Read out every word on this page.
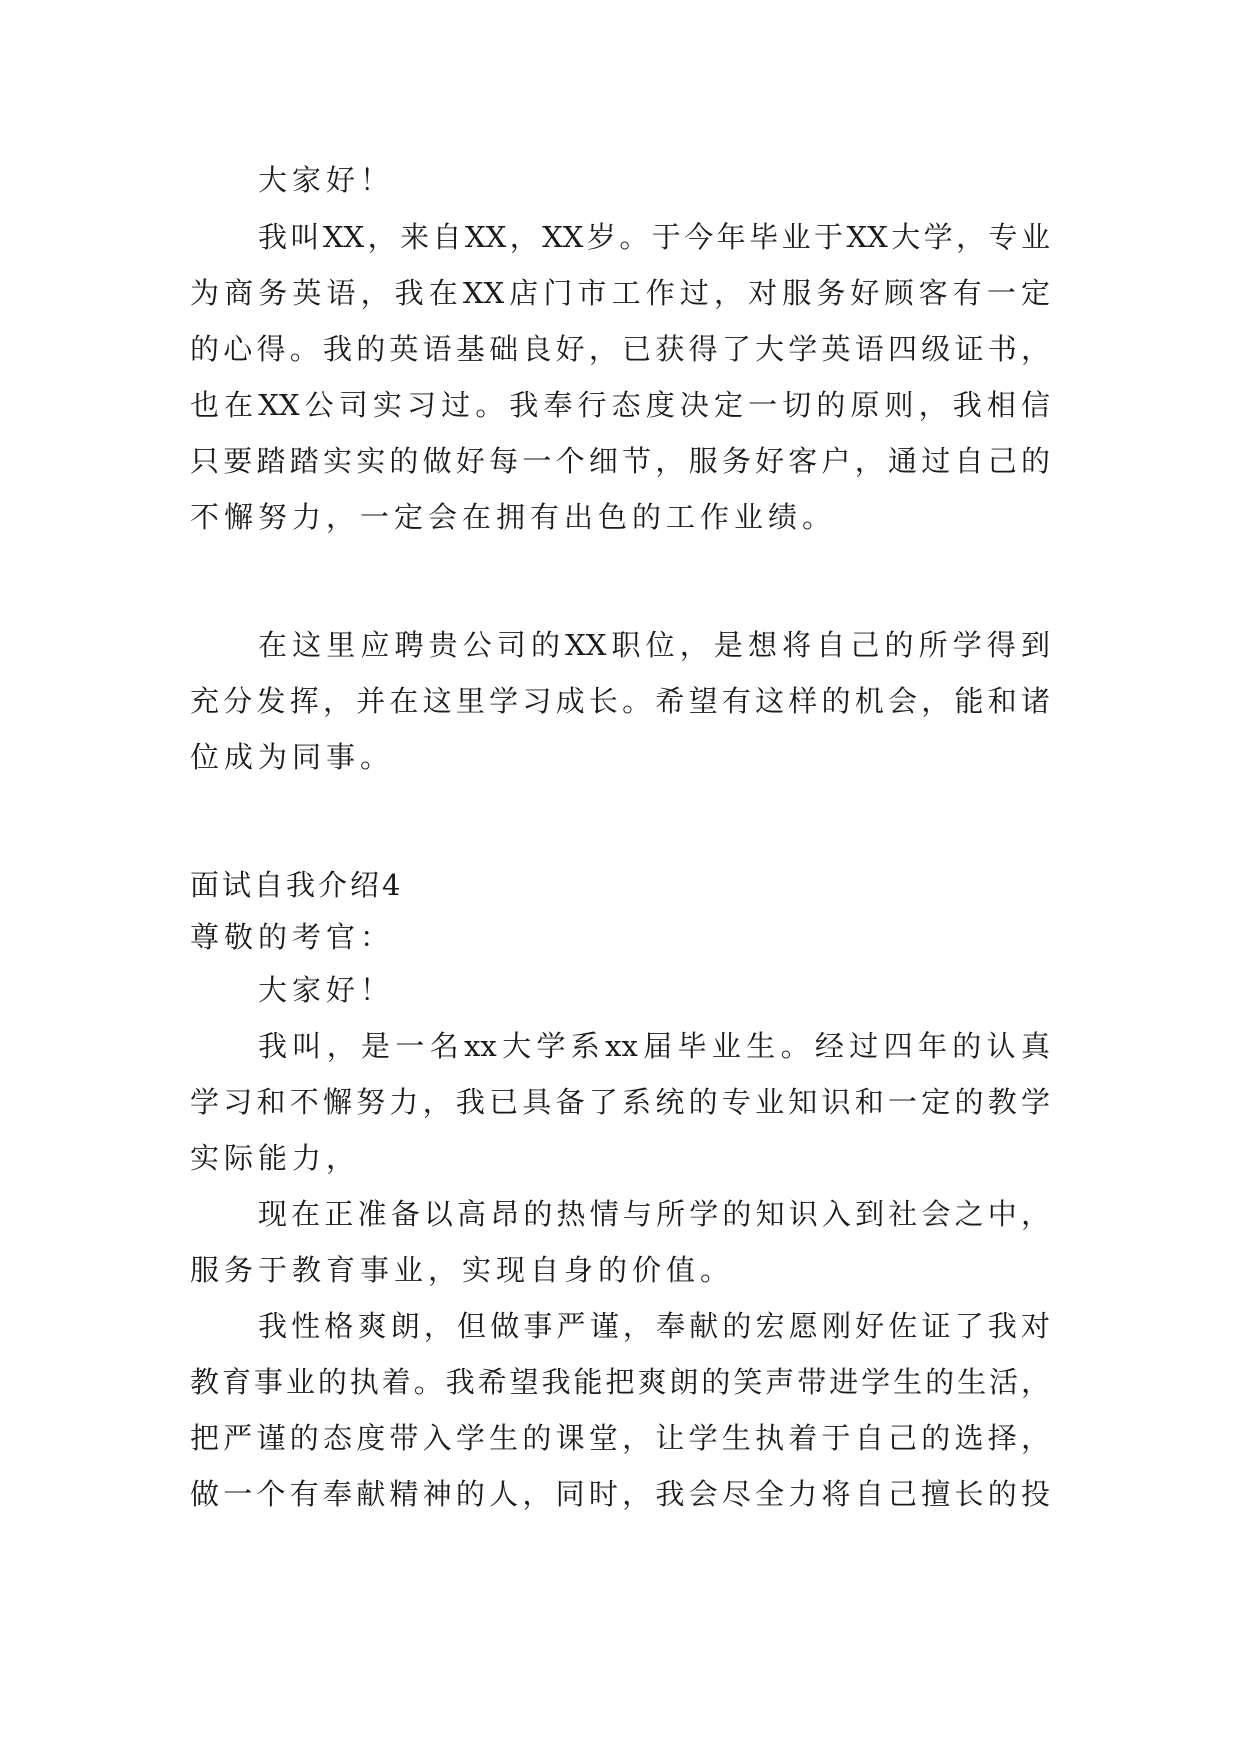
大家好！
我叫XX，来自XX，XX岁。于今年毕业于XX大学，专业
为商务英语，我在XX店门市工作过，对服务好顾客有一定
的心得。我的英语基础良好，已获得了大学英语四级证书，
也在XX公司实习过。我奉行态度决定一切的原则，我相信
只要踏踏实实的做好每一个细节，服务好客户，通过自己的
不懈努力，一定会在拥有出色的工作业绩。
在这里应聘贵公司的XX职位，是想将自己的所学得到
充分发挥，并在这里学习成长。希望有这样的机会，能和诸
位成为同事。
面试自我介绍4
尊敬的考官：
大家好！
我叫，是一名xx大学系xx届毕业生。经过四年的认真
学习和不懈努力，我已具备了系统的专业知识和一定的教学
实际能力，
现在正准备以高昂的热情与所学的知识入到社会之中，
服务于教育事业，实现自身的价值。
我性格爽朗，但做事严谨，奉献的宏愿刚好佐证了我对
教育事业的执着。我希望我能把爽朗的笑声带进学生的生活，
把严谨的态度带入学生的课堂，让学生执着于自己的选择，
做一个有奉献精神的人，同时，我会尽全力将自己擅长的投
